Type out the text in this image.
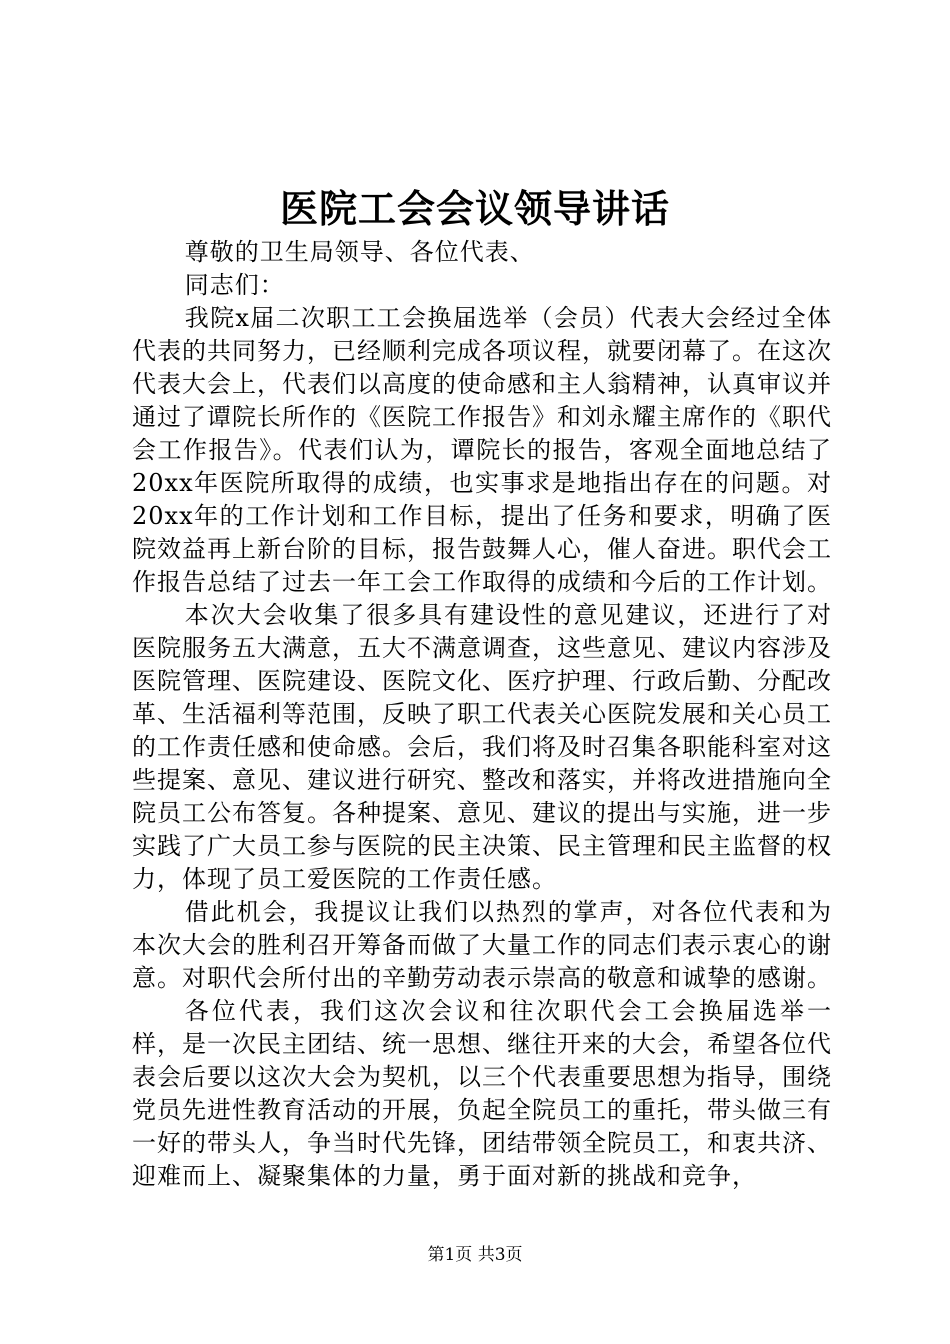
医院工会会议领导讲话

尊敬的卫生局领导、各位代表、

同志们：

我院x届二次职工工会换届选举（会员）代表大会经过全体代表的共同努力，已经顺利完成各项议程，就要闭幕了。在这次代表大会上，代表们以高度的使命感和主人翁精神，认真审议并通过了谭院长所作的《医院工作报告》和刘永耀主席作的《职代会工作报告》。代表们认为，谭院长的报告，客观全面地总结了20xx年医院所取得的成绩，也实事求是地指出存在的问题。对20xx年的工作计划和工作目标，提出了任务和要求，明确了医院效益再上新台阶的目标，报告鼓舞人心，催人奋进。职代会工作报告总结了过去一年工会工作取得的成绩和今后的工作计划。

本次大会收集了很多具有建设性的意见建议，还进行了对医院服务五大满意，五大不满意调查，这些意见、建议内容涉及医院管理、医院建设、医院文化、医疗护理、行政后勤、分配改革、生活福利等范围，反映了职工代表关心医院发展和关心员工的工作责任感和使命感。会后，我们将及时召集各职能科室对这些提案、意见、建议进行研究、整改和落实，并将改进措施向全院员工公布答复。各种提案、意见、建议的提出与实施，进一步实践了广大员工参与医院的民主决策、民主管理和民主监督的权力，体现了员工爱医院的工作责任感。

借此机会，我提议让我们以热烈的掌声，对各位代表和为本次大会的胜利召开筹备而做了大量工作的同志们表示衷心的谢意。对职代会所付出的辛勤劳动表示崇高的敬意和诚挚的感谢。

各位代表，我们这次会议和往次职代会工会换届选举一样，是一次民主团结、统一思想、继往开来的大会，希望各位代表会后要以这次大会为契机，以三个代表重要思想为指导，围绕党员先进性教育活动的开展，负起全院员工的重托，带头做三有一好的带头人，争当时代先锋，团结带领全院员工，和衷共济、迎难而上、凝聚集体的力量，勇于面对新的挑战和竞争，

第1页 共3页
